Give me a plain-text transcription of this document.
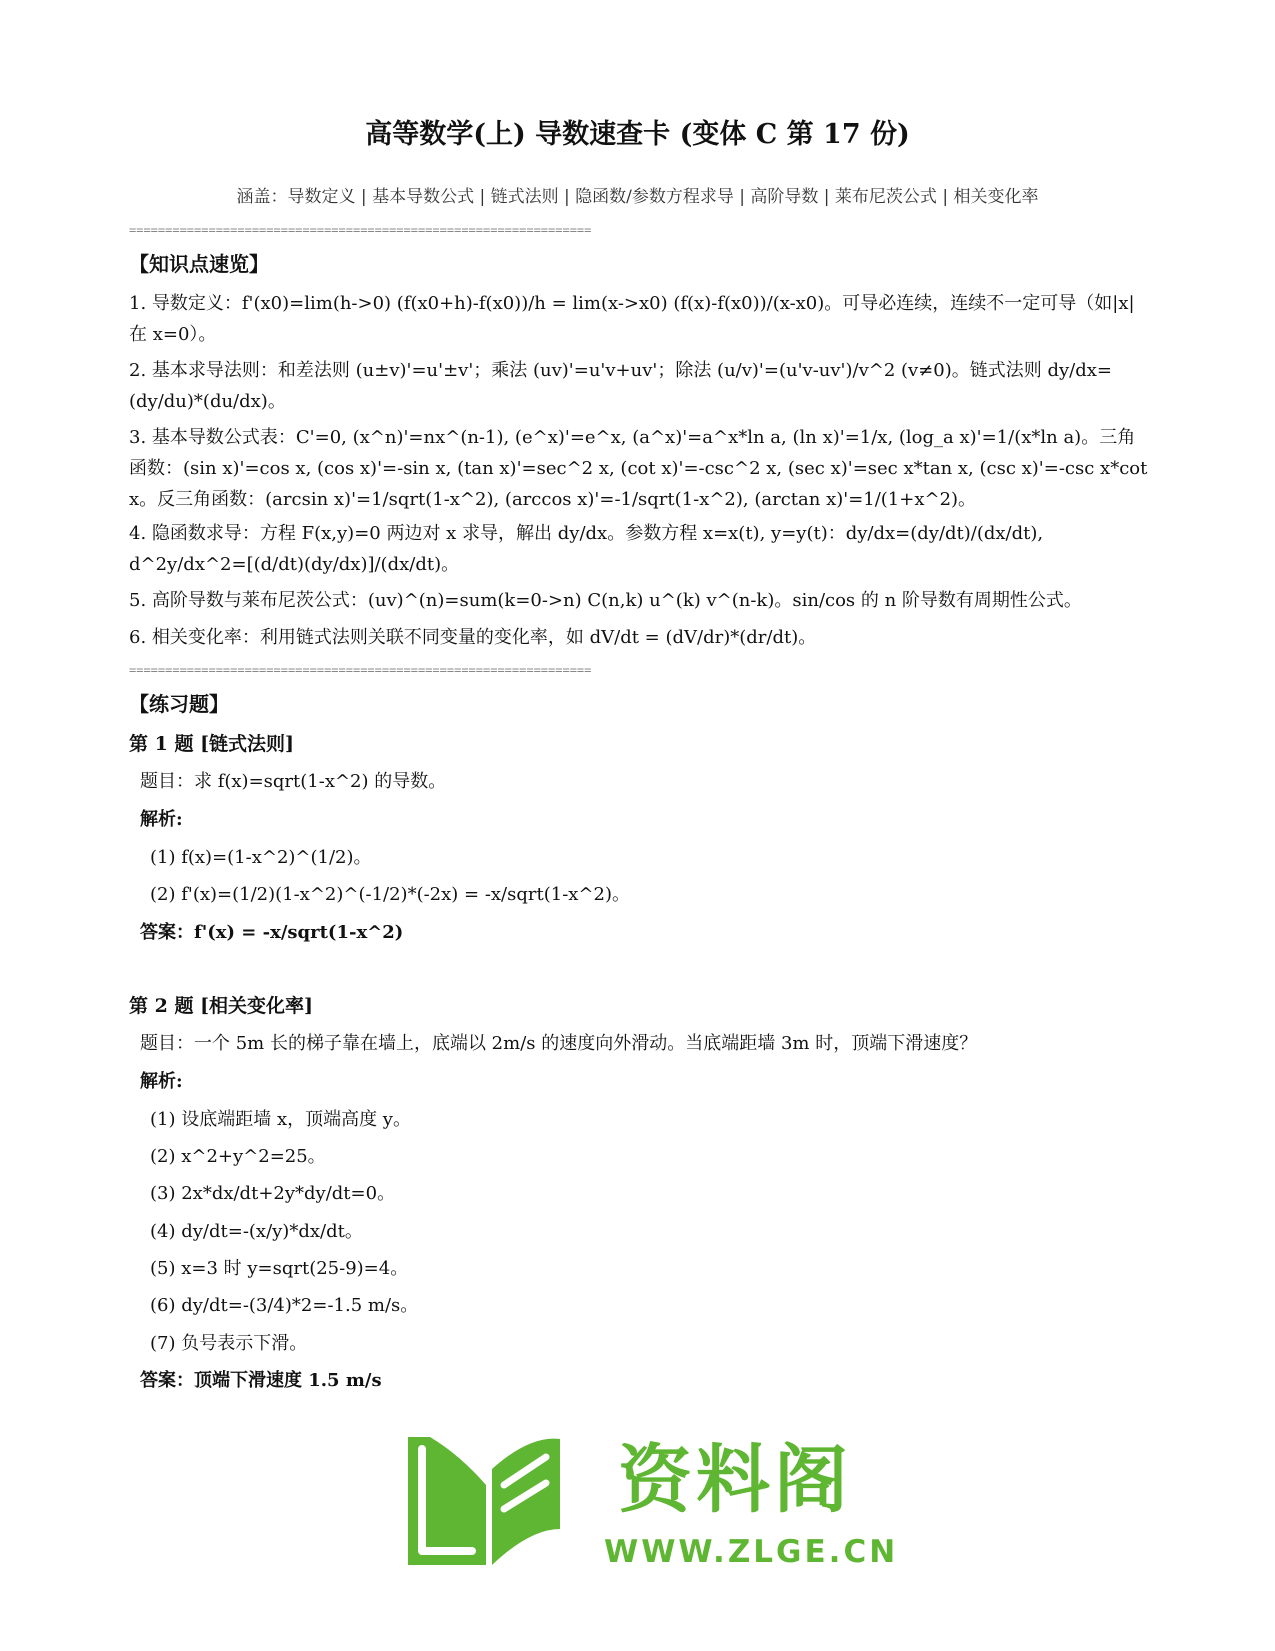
高等数学(上) 导数速查卡 (变体 C 第 17 份)
涵盖：导数定义 | 基本导数公式 | 链式法则 | 隐函数/参数方程求导 | 高阶导数 | 莱布尼茨公式 | 相关变化率
================================================================
【知识点速览】
1. 导数定义：f'(x0)=lim(h->0) (f(x0+h)-f(x0))/h = lim(x->x0) (f(x)-f(x0))/(x-x0)。可导必连续，连续不一定可导（如|x|在 x=0）。
2. 基本求导法则：和差法则 (u±v)'=u'±v'；乘法 (uv)'=u'v+uv'；除法 (u/v)'=(u'v-uv')/v^2 (v≠0)。链式法则 dy/dx=(dy/du)*(du/dx)。
3. 基本导数公式表：C'=0, (x^n)'=nx^(n-1), (e^x)'=e^x, (a^x)'=a^x*ln a, (ln x)'=1/x, (log_a x)'=1/(x*ln a)。三角函数：(sin x)'=cos x, (cos x)'=-sin x, (tan x)'=sec^2 x, (cot x)'=-csc^2 x, (sec x)'=sec x*tan x, (csc x)'=-csc x*cot x。反三角函数：(arcsin x)'=1/sqrt(1-x^2), (arccos x)'=-1/sqrt(1-x^2), (arctan x)'=1/(1+x^2)。
4. 隐函数求导：方程 F(x,y)=0 两边对 x 求导，解出 dy/dx。参数方程 x=x(t), y=y(t)：dy/dx=(dy/dt)/(dx/dt), d^2y/dx^2=[(d/dt)(dy/dx)]/(dx/dt)。
5. 高阶导数与莱布尼茨公式：(uv)^(n)=sum(k=0->n) C(n,k) u^(k) v^(n-k)。sin/cos 的 n 阶导数有周期性公式。
6. 相关变化率：利用链式法则关联不同变量的变化率，如 dV/dt = (dV/dr)*(dr/dt)。
================================================================
【练习题】
第 1 题 [链式法则]
题目：求 f(x)=sqrt(1-x^2) 的导数。
解析:
(1) f(x)=(1-x^2)^(1/2)。
(2) f'(x)=(1/2)(1-x^2)^(-1/2)*(-2x) = -x/sqrt(1-x^2)。
答案：f'(x) = -x/sqrt(1-x^2)
第 2 题 [相关变化率]
题目：一个 5m 长的梯子靠在墙上，底端以 2m/s 的速度向外滑动。当底端距墙 3m 时，顶端下滑速度？
解析:
(1) 设底端距墙 x，顶端高度 y。
(2) x^2+y^2=25。
(3) 2x*dx/dt+2y*dy/dt=0。
(4) dy/dt=-(x/y)*dx/dt。
(5) x=3 时 y=sqrt(25-9)=4。
(6) dy/dt=-(3/4)*2=-1.5 m/s。
(7) 负号表示下滑。
答案：顶端下滑速度 1.5 m/s
资料阁
WWW.ZLGE.CN
